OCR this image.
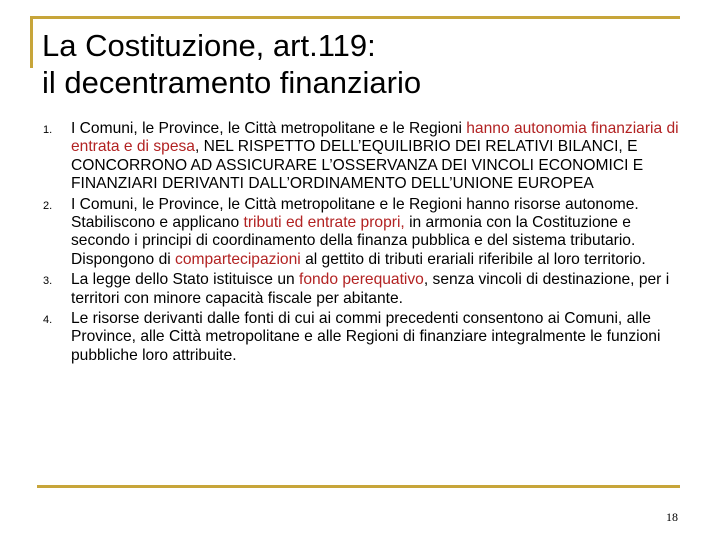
La Costituzione, art.119:
il decentramento finanziario
1. I Comuni, le Province, le Città metropolitane e le Regioni hanno autonomia finanziaria di entrata e di spesa, NEL RISPETTO DELL’EQUILIBRIO DEI RELATIVI BILANCI, E CONCORRONO AD ASSICURARE L’OSSERVANZA DEI VINCOLI ECONOMICI E FINANZIARI DERIVANTI DALL’ORDINAMENTO DELL’UNIONE EUROPEA
2. I Comuni, le Province, le Città metropolitane e le Regioni hanno risorse autonome. Stabiliscono e applicano tributi ed entrate propri, in armonia con la Costituzione e secondo i principi di coordinamento della finanza pubblica e del sistema tributario. Dispongono di compartecipazioni al gettito di tributi erariali riferibile al loro territorio.
3. La legge dello Stato istituisce un fondo perequativo, senza vincoli di destinazione, per i territori con minore capacità fiscale per abitante.
4. Le risorse derivanti dalle fonti di cui ai commi precedenti consentono ai Comuni, alle Province, alle Città metropolitane e alle Regioni di finanziare integralmente le funzioni pubbliche loro attribuite.
18
